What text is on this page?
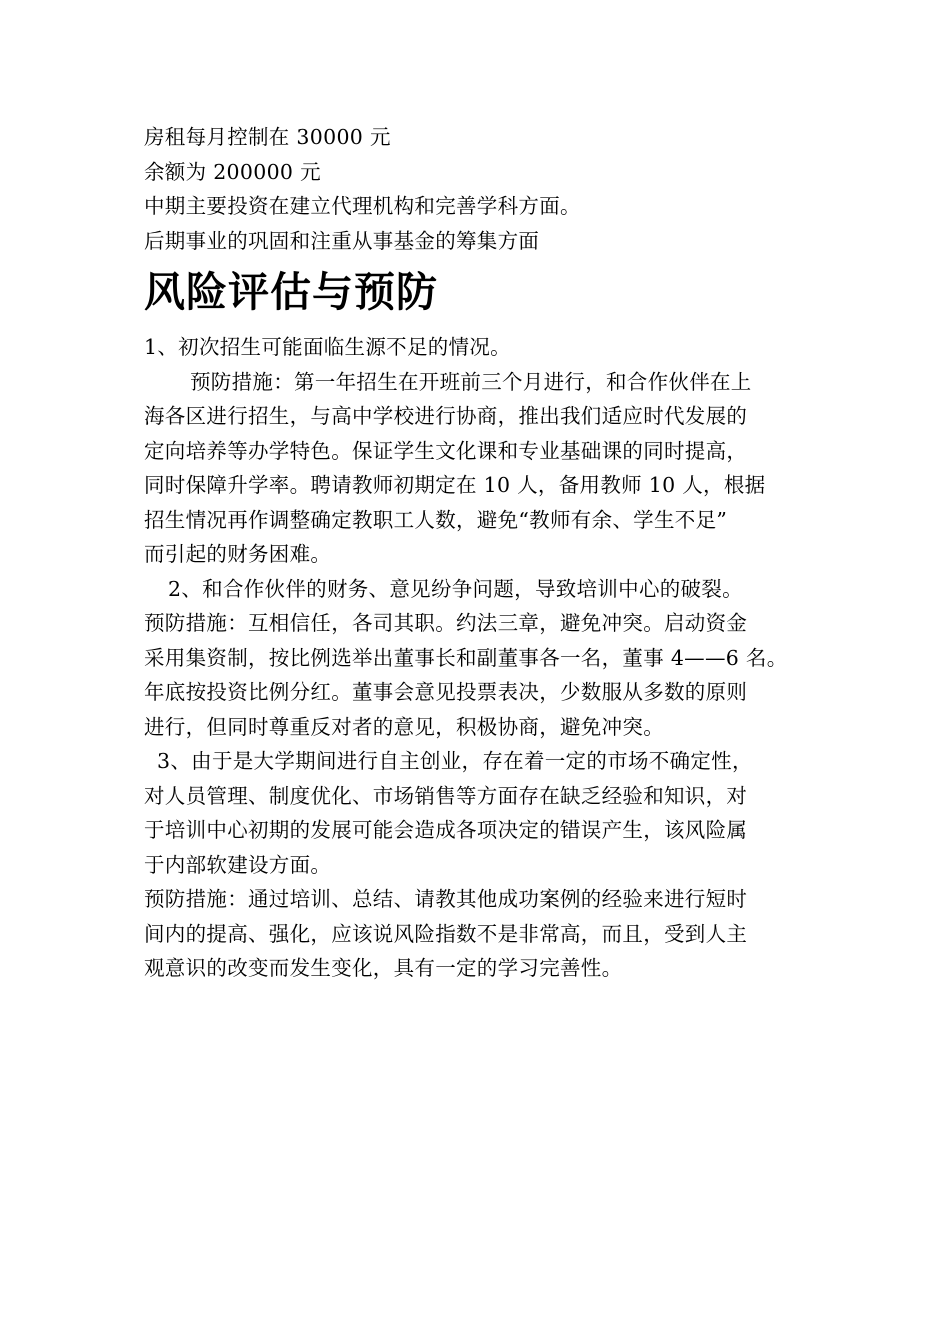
房租每月控制在 30000 元
余额为 200000 元
中期主要投资在建立代理机构和完善学科方面。
后期事业的巩固和注重从事基金的筹集方面
风险评估与预防
1、初次招生可能面临生源不足的情况。
预防措施：第一年招生在开班前三个月进行，和合作伙伴在上
海各区进行招生，与高中学校进行协商，推出我们适应时代发展的
定向培养等办学特色。保证学生文化课和专业基础课的同时提高，
同时保障升学率。聘请教师初期定在 10 人，备用教师 10 人，根据
招生情况再作调整确定教职工人数，避免“教师有余、学生不足”
而引起的财务困难。
2、和合作伙伴的财务、意见纷争问题，导致培训中心的破裂。
预防措施：互相信任，各司其职。约法三章，避免冲突。启动资金
采用集资制，按比例选举出董事长和副董事各一名，董事 4——6 名。
年底按投资比例分红。董事会意见投票表决，少数服从多数的原则
进行，但同时尊重反对者的意见，积极协商，避免冲突。
3、由于是大学期间进行自主创业，存在着一定的市场不确定性，
对人员管理、制度优化、市场销售等方面存在缺乏经验和知识，对
于培训中心初期的发展可能会造成各项决定的错误产生，该风险属
于内部软建设方面。
预防措施：通过培训、总结、请教其他成功案例的经验来进行短时
间内的提高、强化，应该说风险指数不是非常高，而且，受到人主
观意识的改变而发生变化，具有一定的学习完善性。
